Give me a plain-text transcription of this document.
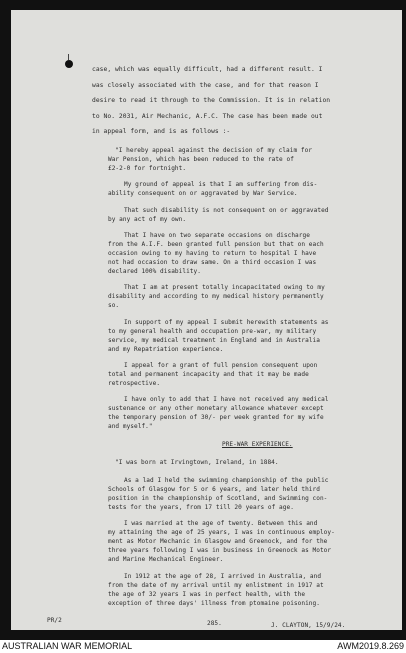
case, which was equally difficult, had a different result. I
was closely associated with the case, and for that reason I
desire to read it through to the Commission. It is in relation
to No. 2031, Air Mechanic, A.F.C. The case has been made out
in appeal form, and is as follows :-
"I hereby appeal against the decision of my claim for
War Pension, which has been reduced to the rate of
£2-2-0 for fortnight.
My ground of appeal is that I am suffering from dis-
ability consequent on or aggravated by War Service.
That such disability is not consequent on or aggravated
by any act of my own.
That I have on two separate occasions on discharge
from the A.I.F. been granted full pension but that on each
occasion owing to my having to return to hospital I have
not had occasion to draw same. On a third occasion I was
declared 100% disability.
That I am at present totally incapacitated owing to my
disability and according to my medical history permanently
so.
In support of my appeal I submit herewith statements as
to my general health and occupation pre-war, my military
service, my medical treatment in England and in Australia
and my Repatriation experience.
I appeal for a grant of full pension consequent upon
total and permanent incapacity and that it may be made
retrospective.
I have only to add that I have not received any medical
sustenance or any other monetary allowance whatever except
the temporary pension of 30/- per week granted for my wife
and myself."
PRE-WAR EXPERIENCE.
"I was born at Irvingtown, Ireland, in 1884.
As a lad I held the swimming championship of the public
Schools of Glasgow for 5 or 6 years, and later held third
position in the championship of Scotland, and Swimming con-
tests for the years, from 17 till 20 years of age.
I was married at the age of twenty. Between this and
my attaining the age of 25 years, I was in continuous employ-
ment as Motor Mechanic in Glasgow and Greenock, and for the
three years following I was in business in Greenock as Motor
and Marine Mechanical Engineer.
In 1912 at the age of 28, I arrived in Australia, and
from the date of my arrival until my enlistment in 1917 at
the age of 32 years I was in perfect health, with the
exception of three days' illness from ptomaine poisoning.
PR/2	285.	J. CLAYTON, 15/9/24.
AUSTRALIAN WAR MEMORIAL	AWM2019.8.269
